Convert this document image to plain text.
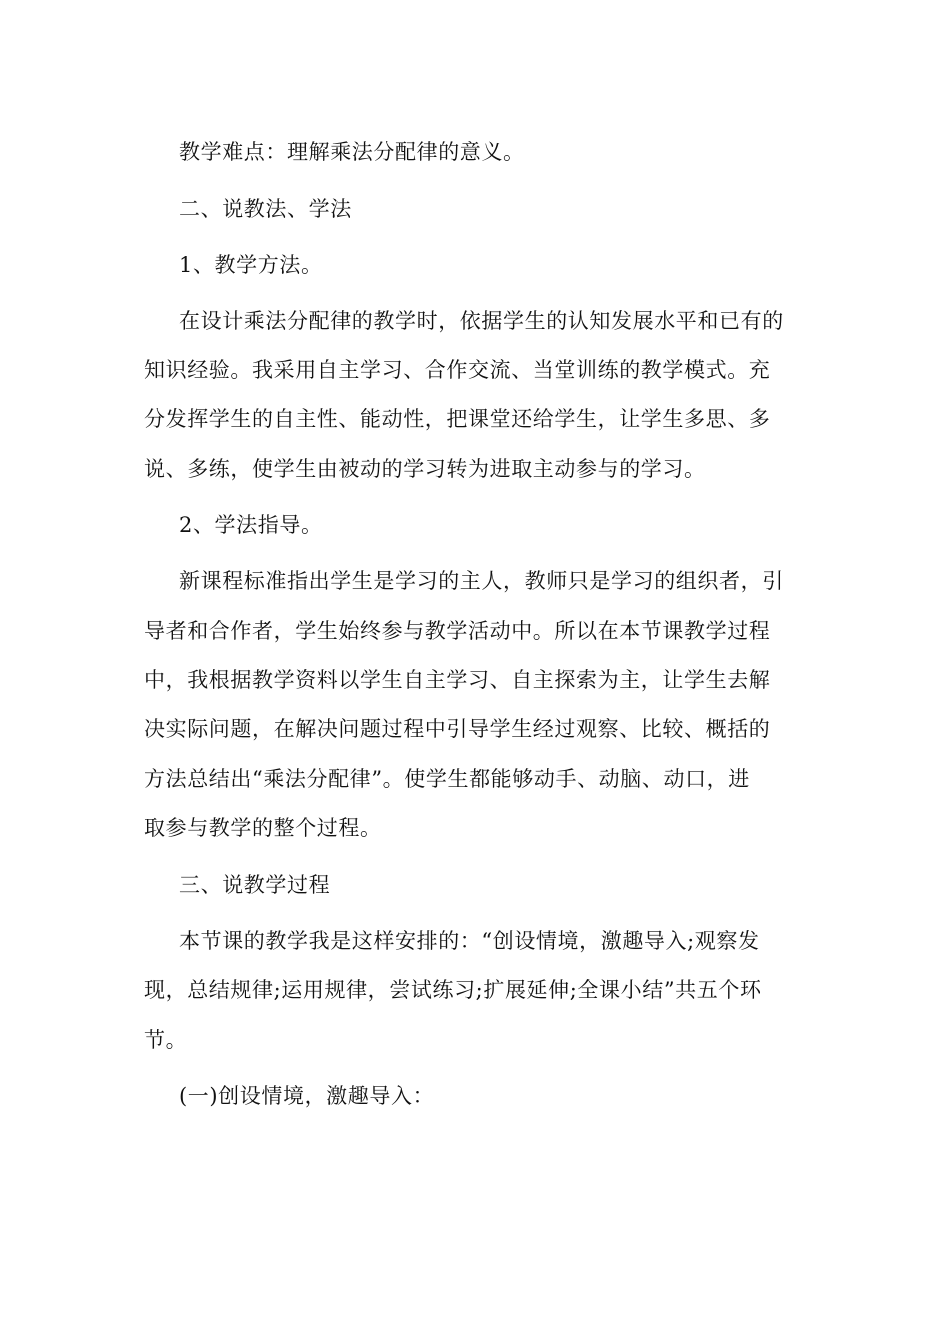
教学难点：理解乘法分配律的意义。
二、说教法、学法
1、教学方法。
在设计乘法分配律的教学时，依据学生的认知发展水平和已有的
知识经验。我采用自主学习、合作交流、当堂训练的教学模式。充
分发挥学生的自主性、能动性，把课堂还给学生，让学生多思、多
说、多练，使学生由被动的学习转为进取主动参与的学习。
2、学法指导。
新课程标准指出学生是学习的主人，教师只是学习的组织者，引
导者和合作者，学生始终参与教学活动中。所以在本节课教学过程
中，我根据教学资料以学生自主学习、自主探索为主，让学生去解
决实际问题，在解决问题过程中引导学生经过观察、比较、概括的
方法总结出“乘法分配律”。使学生都能够动手、动脑、动口，进
取参与教学的整个过程。
三、说教学过程
本节课的教学我是这样安排的：“创设情境，激趣导入;观察发
现，总结规律;运用规律，尝试练习;扩展延伸;全课小结”共五个环
节。
(一)创设情境，激趣导入：
